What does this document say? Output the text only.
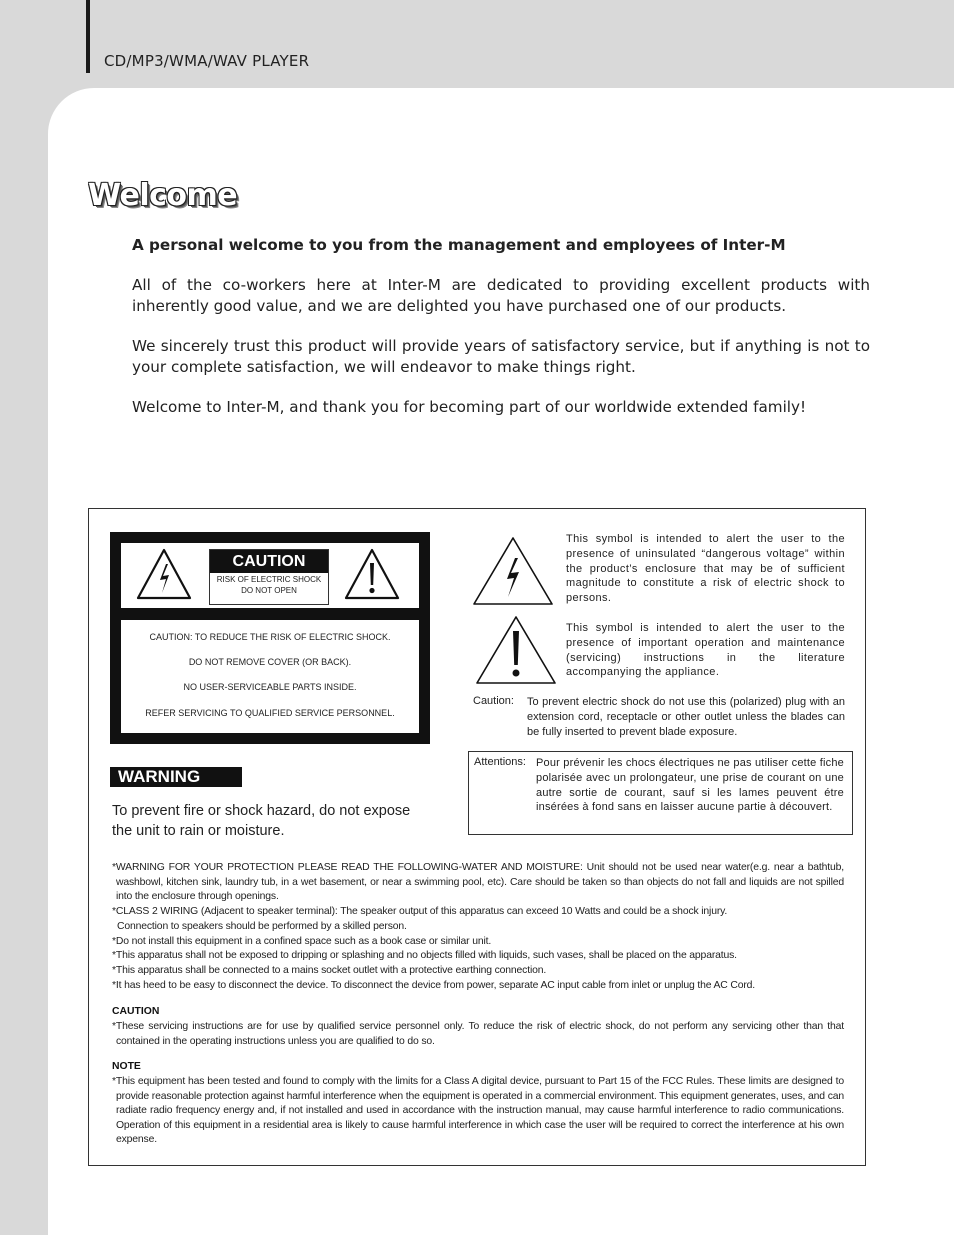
CD/MP3/WMA/WAV PLAYER
Welcome
A personal welcome to you from the management and employees of Inter-M
All of the co-workers here at Inter-M are dedicated to providing excellent products with inherently good value, and we are delighted you have purchased one of our products.
We sincerely trust this product will provide years of satisfactory service, but if anything is not to your complete satisfaction, we will endeavor to make things right.
Welcome to Inter-M, and thank you for becoming part of our worldwide extended family!
CAUTION
RISK OF ELECTRIC SHOCK
DO NOT OPEN
CAUTION: TO REDUCE THE RISK OF ELECTRIC SHOCK.
DO NOT REMOVE COVER (OR BACK).
NO USER-SERVICEABLE PARTS INSIDE.
REFER SERVICING TO QUALIFIED SERVICE PERSONNEL.
WARNING
To prevent fire or shock hazard, do not expose the unit to rain or moisture.
This symbol is intended to alert the user to the presence of uninsulated “dangerous voltage” within the product’s enclosure that may be of sufficient magnitude to constitute a risk of electric shock to persons.
This symbol is intended to alert the user to the presence of important operation and maintenance (servicing) instructions in the literature accompanying the appliance.
Caution: To prevent electric shock do not use this (polarized) plug with an extension cord, receptacle or other outlet unless the blades can be fully inserted to prevent blade exposure.
Attentions: Pour prévenir les chocs électriques ne pas utiliser cette fiche polarisée avec un prolongateur, une prise de courant on une autre sortie de courant, sauf si les lames peuvent étre insérées à fond sans en laisser aucune partie à découvert.
*WARNING FOR YOUR PROTECTION PLEASE READ THE FOLLOWING-WATER AND MOISTURE: Unit should not be used near water(e.g. near a bathtub, washbowl, kitchen sink, laundry tub, in a wet basement, or near a swimming pool, etc). Care should be taken so than objects do not fall and liquids are not spilled into the enclosure through openings.
*CLASS 2 WIRING (Adjacent to speaker terminal): The speaker output of this apparatus can exceed 10 Watts and could be a shock injury.
Connection to speakers should be performed by a skilled person.
*Do not install this equipment in a confined space such as a book case or similar unit.
*This apparatus shall not be exposed to dripping or splashing and no objects filled with liquids, such vases, shall be placed on the apparatus.
*This apparatus shall be connected to a mains socket outlet with a protective earthing connection.
*It has heed to be easy to disconnect the device. To disconnect the device from power, separate AC input cable from inlet or unplug the AC Cord.
CAUTION
*These servicing instructions are for use by qualified service personnel only. To reduce the risk of electric shock, do not perform any servicing other than that contained in the operating instructions unless you are qualified to do so.
NOTE
*This equipment has been tested and found to comply with the limits for a Class A digital device, pursuant to Part 15 of the FCC Rules. These limits are designed to provide reasonable protection against harmful interference when the equipment is operated in a commercial environment. This equipment generates, uses, and can radiate radio frequency energy and, if not installed and used in accordance with the instruction manual, may cause harmful interference to radio communications. Operation of this equipment in a residential area is likely to cause harmful interference in which case the user will be required to correct the interference at his own expense.
